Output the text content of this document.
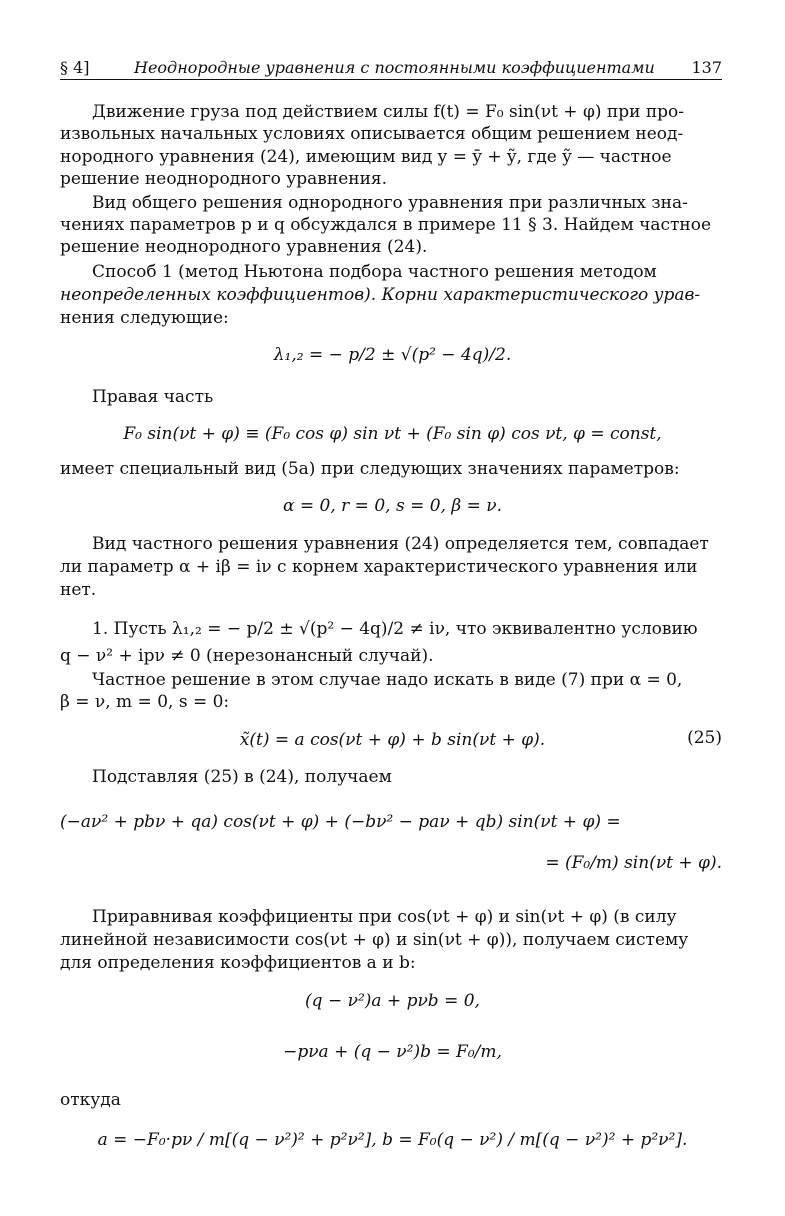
§ 4]	Неоднородные уравнения с постоянными коэффициентами 137
Движение груза под действием силы f(t) = F₀ sin(νt + φ) при про-
извольных начальных условиях описывается общим решением неод-
нородного уравнения (24), имеющим вид y = ȳ + ỹ, где ỹ — частное
решение неоднородного уравнения.
Вид общего решения однородного уравнения при различных зна-
чениях параметров p и q обсуждался в примере 11 § 3. Найдем частное
решение неоднородного уравнения (24).
Способ 1 (метод Ньютона подбора частного решения методом
неопределенных коэффициентов). Корни характеристического урав-
нения следующие:
λ₁,₂ = − p/2 ± √(p² − 4q)/2.
Правая часть
F₀ sin(νt + φ) ≡ (F₀ cos φ) sin νt + (F₀ sin φ) cos νt, φ = const,
имеет специальный вид (5a) при следующих значениях параметров:
α = 0, r = 0, s = 0, β = ν.
Вид частного решения уравнения (24) определяется тем, совпадает
ли параметр α + iβ = iν с корнем характеристического уравнения или
нет.
1. Пусть λ₁,₂ = − p/2 ± √(p² − 4q)/2 ≠ iν, что эквивалентно условию
q − ν² + ipν ≠ 0 (нерезонансный случай).
Частное решение в этом случае надо искать в виде (7) при α = 0,
β = ν, m = 0, s = 0:
x̃(t) = a cos(νt + φ) + b sin(νt + φ).	(25)
Подставляя (25) в (24), получаем
(−aν² + pbν + qa) cos(νt + φ) + (−bν² − paν + qb) sin(νt + φ) =
= (F₀/m) sin(νt + φ).
Приравнивая коэффициенты при cos(νt + φ) и sin(νt + φ) (в силу
линейной независимости cos(νt + φ) и sin(νt + φ)), получаем систему
для определения коэффициентов a и b:
(q − ν²)a + pνb = 0,
−pνa + (q − ν²)b = F₀/m,
откуда
a = −F₀·pν / m[(q − ν²)² + p²ν²], b = F₀(q − ν²) / m[(q − ν²)² + p²ν²].
